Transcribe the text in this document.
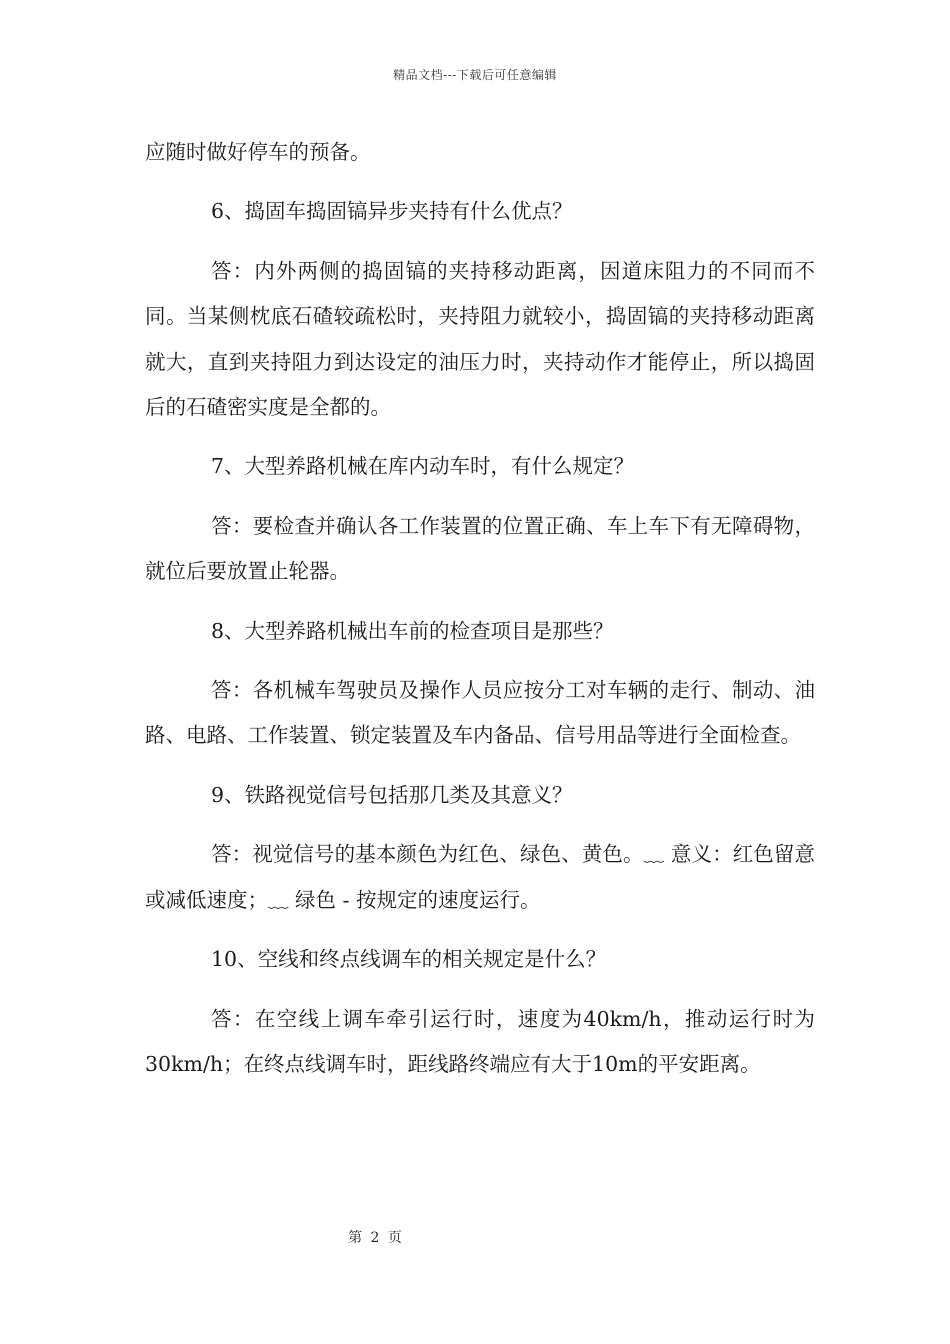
精品文档---下载后可任意编辑

应随时做好停车的预备。

6、捣固车捣固镐异步夹持有什么优点？

答：内外两侧的捣固镐的夹持移动距离，因道床阻力的不同而不同。当某侧枕底石碴较疏松时，夹持阻力就较小，捣固镐的夹持移动距离就大，直到夹持阻力到达设定的油压力时，夹持动作才能停止，所以捣固后的石碴密实度是全都的。

7、大型养路机械在库内动车时，有什么规定？

答：要检查并确认各工作装置的位置正确、车上车下有无障碍物，就位后要放置止轮器。

8、大型养路机械出车前的检查项目是那些？

答：各机械车驾驶员及操作人员应按分工对车辆的走行、制动、油路、电路、工作装置、锁定装置及车内备品、信号用品等进行全面检查。

9、铁路视觉信号包括那几类及其意义？

答：视觉信号的基本颜色为红色、绿色、黄色。﹏ 意义：红色留意或减低速度；﹏ 绿色 - 按规定的速度运行。

10、空线和终点线调车的相关规定是什么？

答：在空线上调车牵引运行时，速度为40km/h，推动运行时为30km/h；在终点线调车时，距线路终端应有大于10m的平安距离。

第 2 页
